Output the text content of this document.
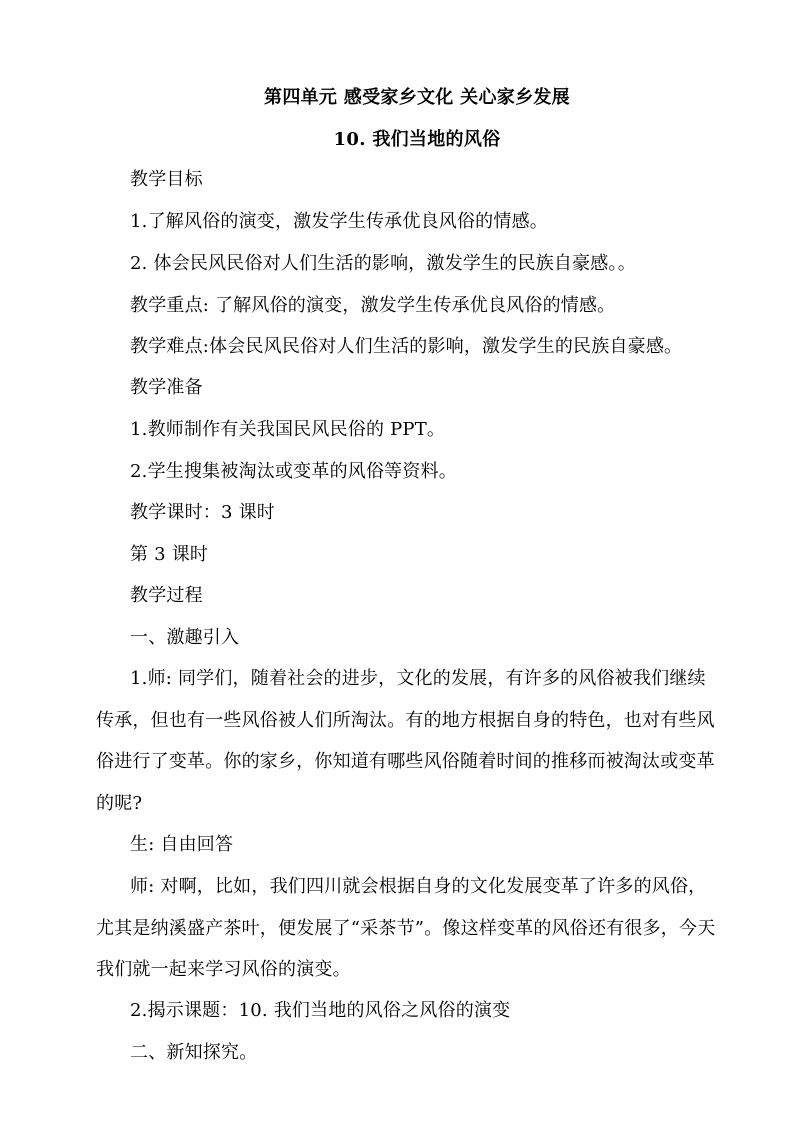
第四单元 感受家乡文化 关心家乡发展
10. 我们当地的风俗
教学目标
1.了解风俗的演变，激发学生传承优良风俗的情感。
2. 体会民风民俗对人们生活的影响，激发学生的民族自豪感。。
教学重点: 了解风俗的演变，激发学生传承优良风俗的情感。
教学难点:体会民风民俗对人们生活的影响，激发学生的民族自豪感。
教学准备
1.教师制作有关我国民风民俗的 PPT。
2.学生搜集被淘汰或变革的风俗等资料。
教学课时：3 课时
第 3 课时
教学过程
一、激趣引入
1.师: 同学们，随着社会的进步，文化的发展，有许多的风俗被我们继续传承，但也有一些风俗被人们所淘汰。有的地方根据自身的特色，也对有些风俗进行了变革。你的家乡，你知道有哪些风俗随着时间的推移而被淘汰或变革的呢?
生: 自由回答
师: 对啊，比如，我们四川就会根据自身的文化发展变革了许多的风俗，尤其是纳溪盛产茶叶，便发展了“采茶节”。像这样变革的风俗还有很多，今天我们就一起来学习风俗的演变。
2.揭示课题：10. 我们当地的风俗之风俗的演变
二、新知探究。
